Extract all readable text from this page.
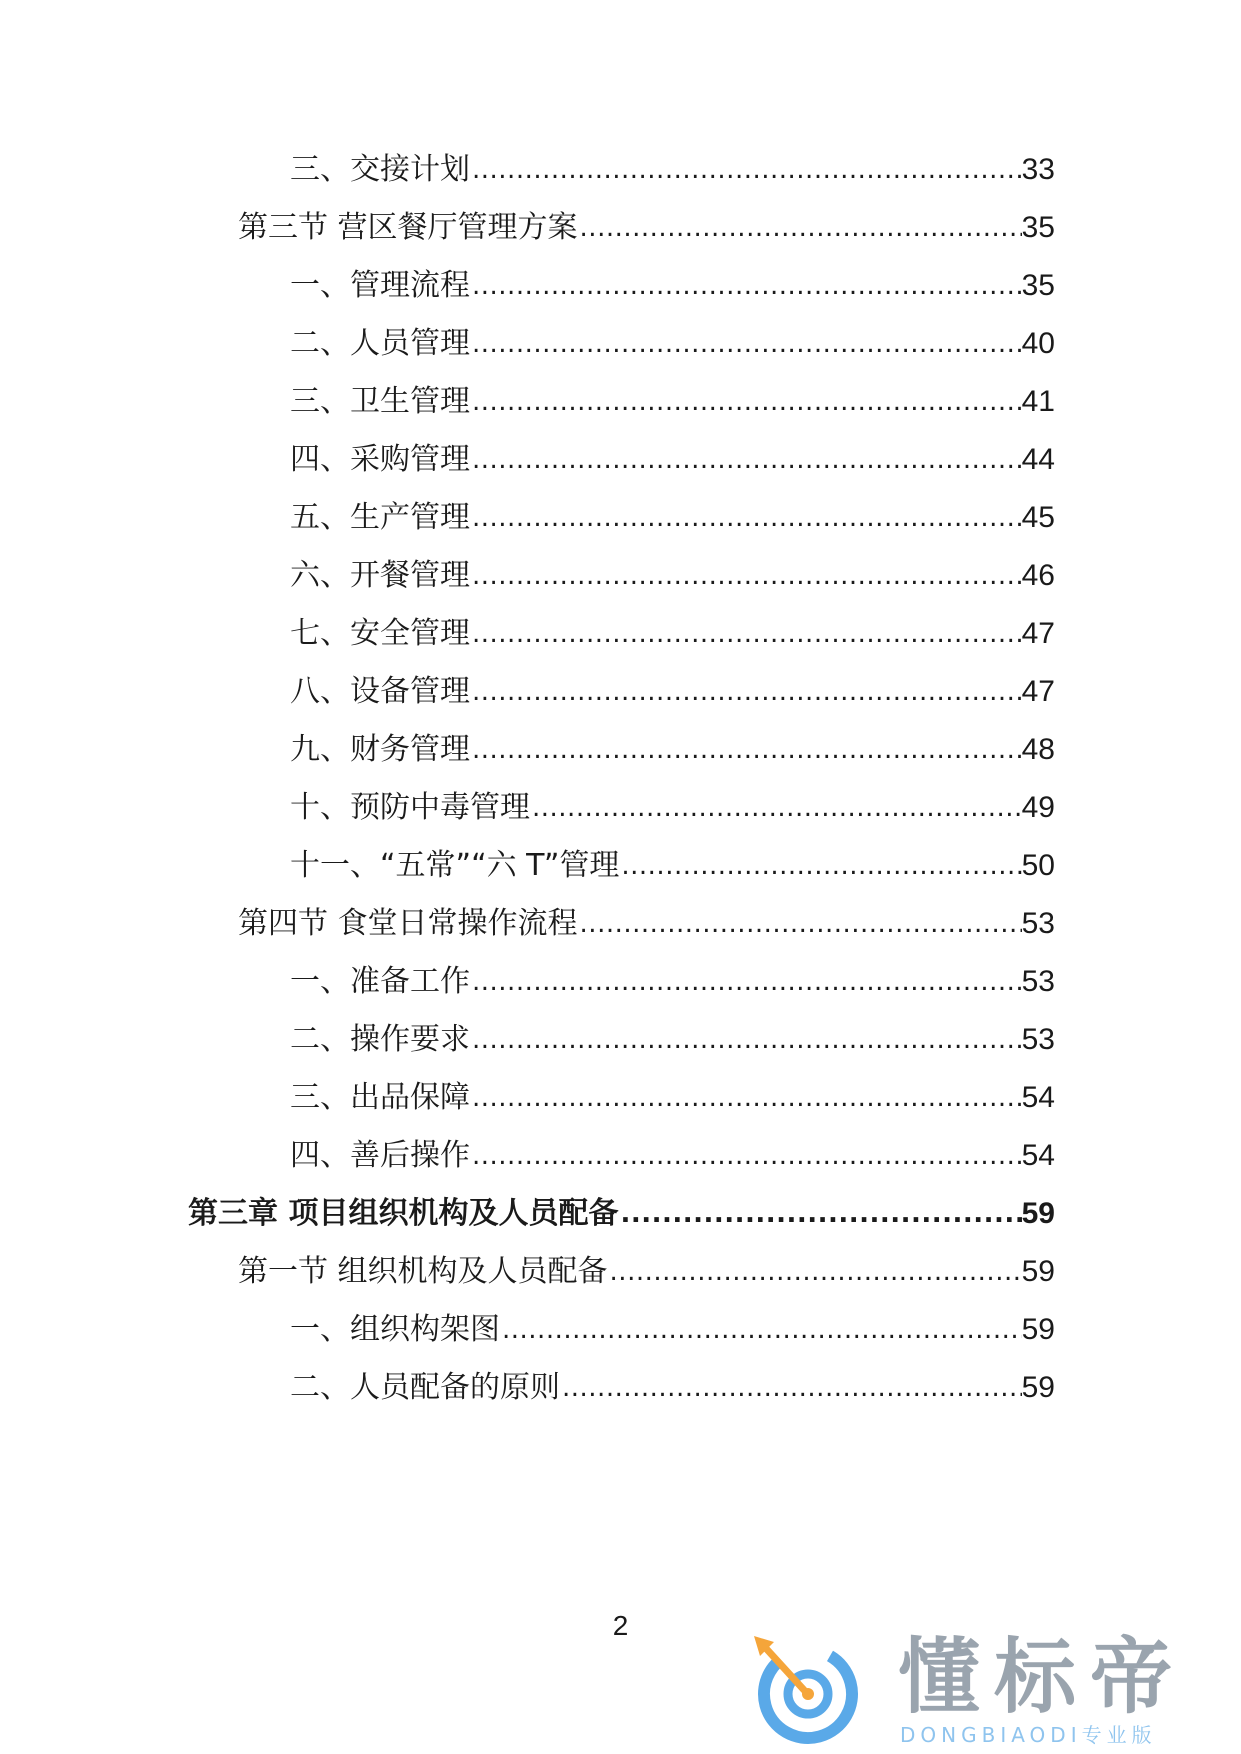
三、交接计划 .....	33
第三节 营区餐厅管理方案 .....	35
一、管理流程 .....	35
二、人员管理 .....	40
三、卫生管理 .....	41
四、采购管理 .....	44
五、生产管理 .....	45
六、开餐管理 .....	46
七、安全管理 .....	47
八、设备管理 .....	47
九、财务管理 .....	48
十、预防中毒管理 .....	49
十一、“五常”“六 T”管理 .....	50
第四节 食堂日常操作流程 .....	53
一、准备工作 .....	53
二、操作要求 .....	53
三、出品保障 .....	54
四、善后操作 .....	54
第三章 项目组织机构及人员配备 .....	59
第一节 组织机构及人员配备 .....	59
一、组织构架图 .....	59
二、人员配备的原则 .....	59
2
懂标帝
DONGBIAODI专业版
